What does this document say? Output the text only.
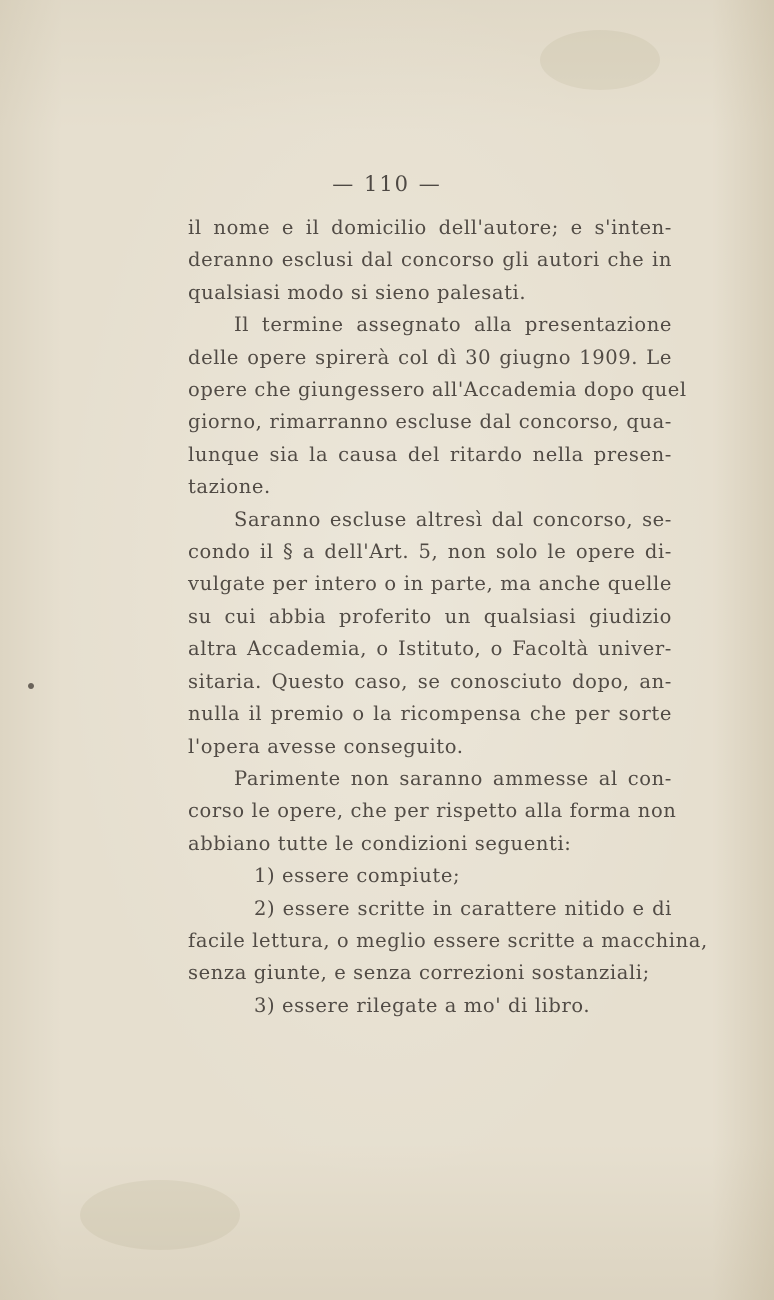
— 110 —
il nome e il domicilio dell'autore; e s'inten-
deranno esclusi dal concorso gli autori che in
qualsiasi modo si sieno palesati.
Il termine assegnato alla presentazione
delle opere spirerà col dì 30 giugno 1909. Le
opere che giungessero all'Accademia dopo quel
giorno, rimarranno escluse dal concorso, qua-
lunque sia la causa del ritardo nella presen-
tazione.
Saranno escluse altresì dal concorso, se-
condo il § a dell'Art. 5, non solo le opere di-
vulgate per intero o in parte, ma anche quelle
su cui abbia proferito un qualsiasi giudizio
altra Accademia, o Istituto, o Facoltà univer-
sitaria. Questo caso, se conosciuto dopo, an-
nulla il premio o la ricompensa che per sorte
l'opera avesse conseguito.
Parimente non saranno ammesse al con-
corso le opere, che per rispetto alla forma non
abbiano tutte le condizioni seguenti:
1) essere compiute;
2) essere scritte in carattere nitido e di
facile lettura, o meglio essere scritte a macchina,
senza giunte, e senza correzioni sostanziali;
3) essere rilegate a mo' di libro.
